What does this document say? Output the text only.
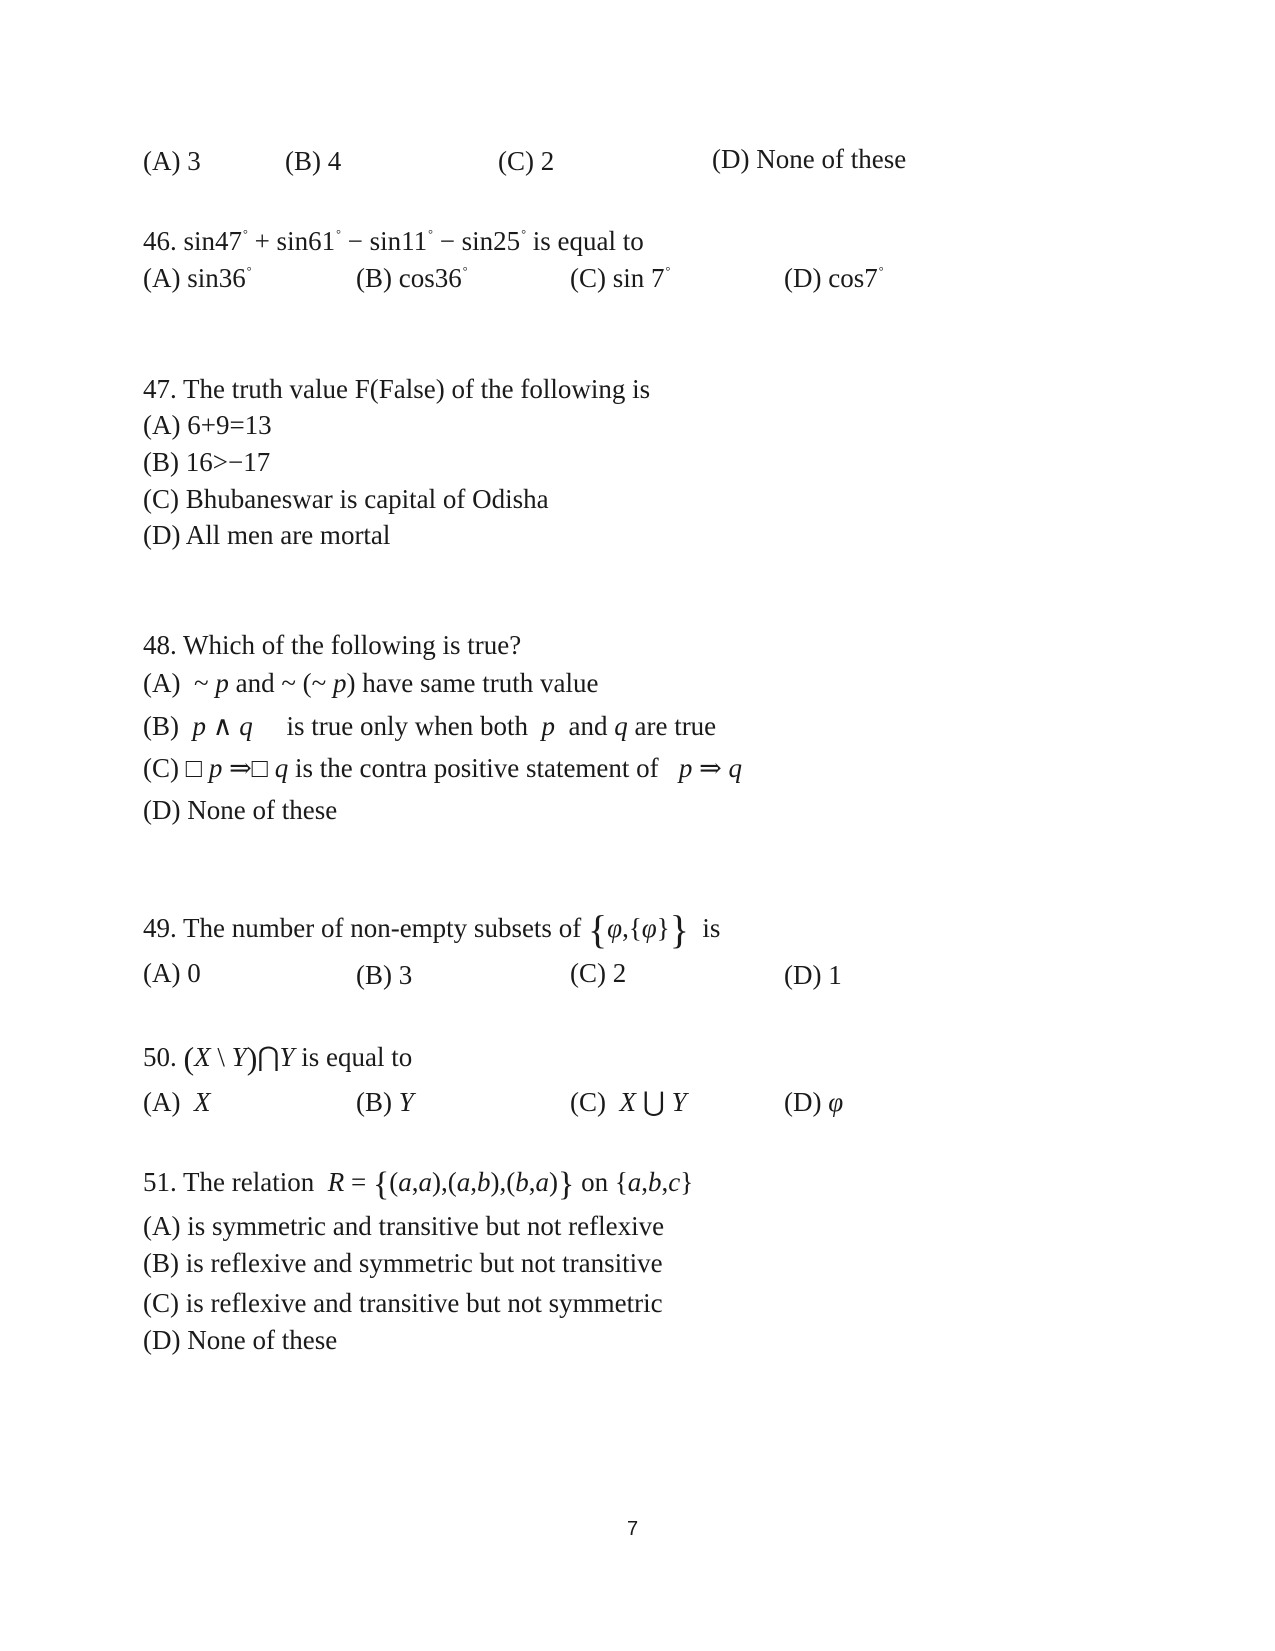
(A) 3	(B) 4	(C) 2	(D) None of these
46. sin47° + sin61° − sin11° − sin25° is equal to
(A) sin36°	(B) cos36°	(C) sin 7°	(D) cos7°
47. The truth value F(False) of the following is
(A) 6+9=13
(B) 16>−17
(C) Bhubaneswar is capital of Odisha
(D) All men are mortal
48. Which of the following is true?
(A)  ~ p and ~ (~ p) have same truth value
(B) p ∧ q is true only when both p and q are true
(C) □ p ⇒□ q is the contra positive statement of p ⇒ q
(D) None of these
49. The number of non-empty subsets of {φ,{φ}} is
(A) 0	(B) 3	(C) 2	(D) 1
50. (X \ Y)⋂Y is equal to
(A) X	(B) Y	(C) X ⋃ Y	(D) φ
51. The relation R = {(a,a),(a,b),(b,a)} on {a,b,c}
(A) is symmetric and transitive but not reflexive
(B) is reflexive and symmetric but not transitive
(C) is reflexive and transitive but not symmetric
(D) None of these
7
